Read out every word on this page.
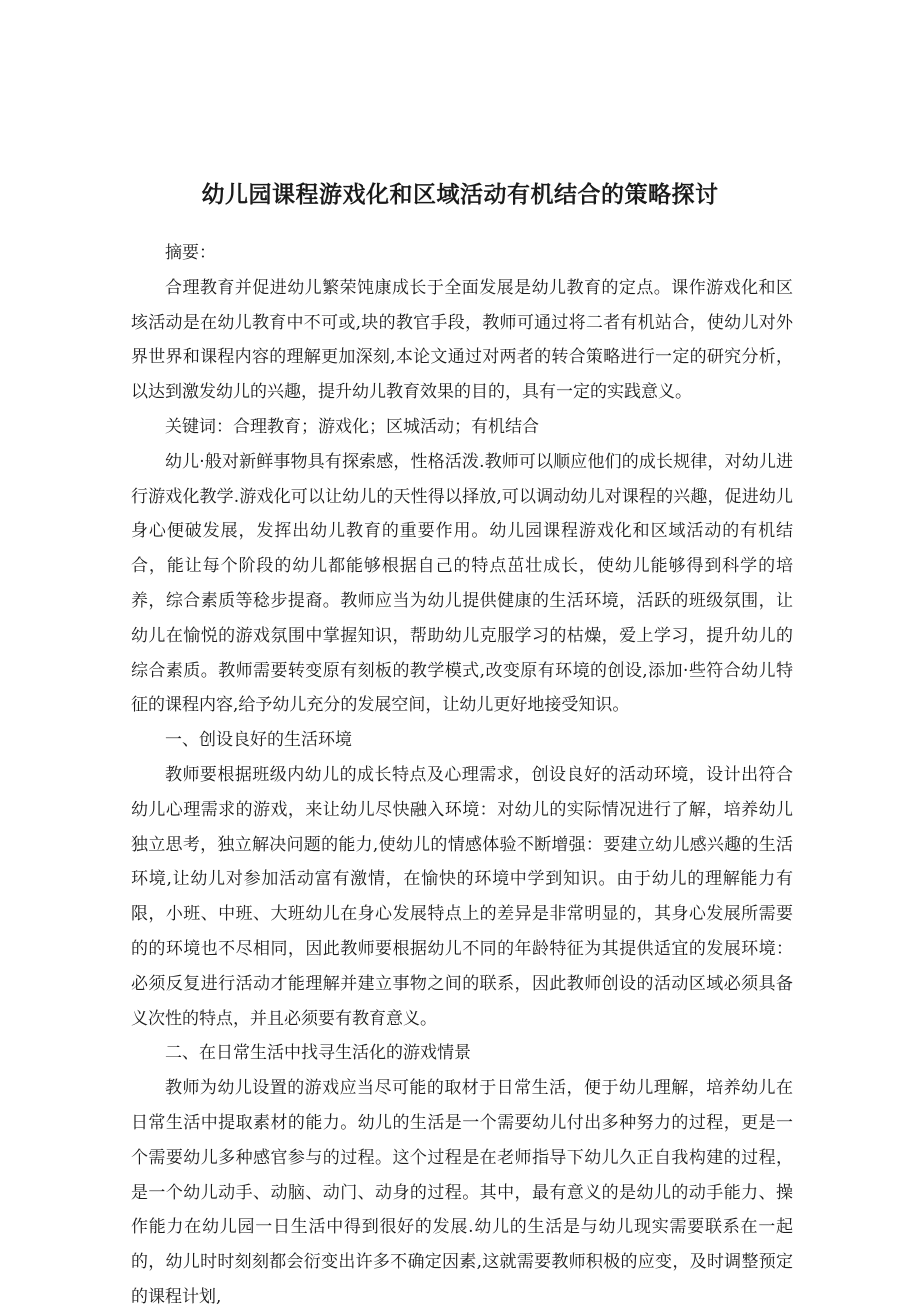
幼儿园课程游戏化和区域活动有机结合的策略探讨

摘要：

合理教育并促进幼儿繁荣饨康成长于全面发展是幼儿教育的定点。课作游戏化和区垓活动是在幼儿教育中不可或,块的教官手段，教师可通过将二者有机站合，使幼儿对外界世界和课程内容的理解更加深刻,本论文通过对两者的转合策略进行一定的研究分析，以达到激发幼儿的兴趣，提升幼儿教育效果的目的，具有一定的实践意义。

关键词：合理教育；游戏化；区城活动；有机结合

幼儿·般对新鲜事物具有探索感，性格活泼.教师可以顺应他们的成长规律，对幼儿进行游戏化教学.游戏化可以让幼儿的天性得以择放,可以调动幼儿对课程的兴趣，促进幼儿身心便破发展，发挥出幼儿教育的重要作用。幼儿园课程游戏化和区域活动的有机结合，能让每个阶段的幼儿都能够根据自己的特点茁壮成长，使幼儿能够得到科学的培养，综合素质等稔步提裔。教师应当为幼儿提供健康的生活环境，活跃的班级氛围，让幼儿在愉悦的游戏氛围中掌握知识，帮助幼儿克服学习的枯燥，爱上学习，提升幼儿的综合素质。教师需要转变原有刻板的教学模式,改变原有环境的创设,添加·些符合幼儿特征的课程内容,给予幼儿充分的发展空间，让幼儿更好地接受知识。

一、创设良好的生活环境

教师要根据班级内幼儿的成长特点及心理需求，创设良好的活动环境，设计出符合幼儿心理需求的游戏，来让幼儿尽快融入环境：对幼儿的实际情况进行了解，培养幼儿独立思考，独立解决问题的能力,使幼儿的情感体验不断增强：要建立幼儿感兴趣的生活环境,让幼儿对参加活动富有激情，在愉快的环境中学到知识。由于幼儿的理解能力有限，小班、中班、大班幼儿在身心发展特点上的差异是非常明显的，其身心发展所需要的的环境也不尽相同，因此教师要根据幼儿不同的年龄特征为其提供适宜的发展环境：必须反复进行活动才能理解并建立事物之间的联系，因此教师创设的活动区域必须具备义次性的特点，并且必须要有教育意义。

二、在日常生活中找寻生活化的游戏情景

教师为幼儿设置的游戏应当尽可能的取材于日常生活，便于幼儿理解，培养幼儿在日常生活中提取素材的能力。幼儿的生活是一个需要幼儿付出多种努力的过程，更是一个需要幼儿多种感官参与的过程。这个过程是在老师指导下幼儿久正自我构建的过程，是一个幼儿动手、动脑、动门、动身的过程。其中，最有意义的是幼儿的动手能力、操作能力在幼儿园一日生活中得到很好的发展.幼儿的生活是与幼儿现实需要联系在一起的，幼儿时时刻刻都会衍变出许多不确定因素,这就需要教师积极的应变，及时调整预定的课程计划,
